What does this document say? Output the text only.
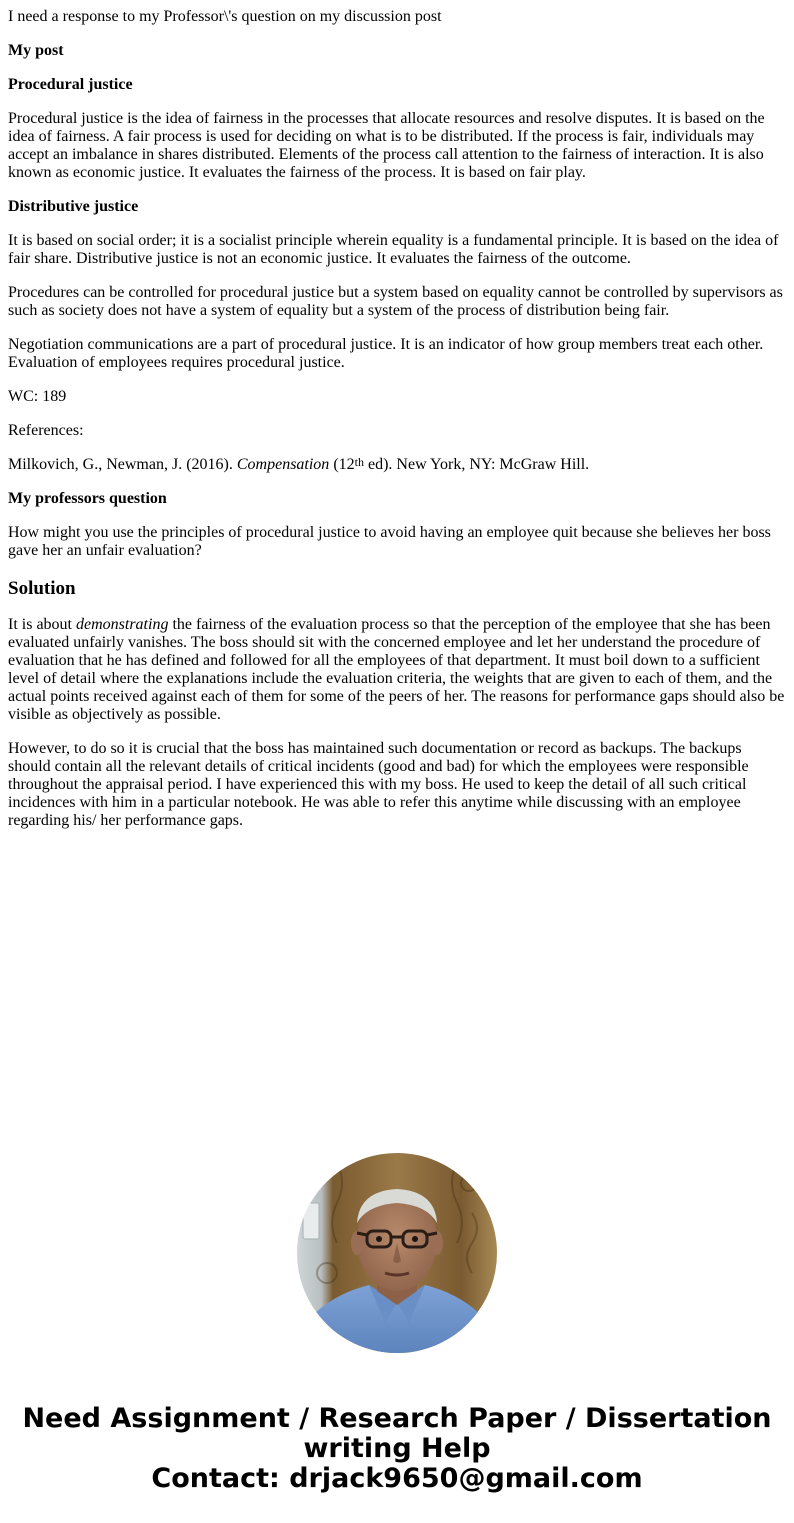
I need a response to my Professor\'s question on my discussion post

My post

Procedural justice

Procedural justice is the idea of fairness in the processes that allocate resources and resolve disputes. It is based on the idea of fairness. A fair process is used for deciding on what is to be distributed. If the process is fair, individuals may accept an imbalance in shares distributed. Elements of the process call attention to the fairness of interaction. It is also known as economic justice. It evaluates the fairness of the process. It is based on fair play.

Distributive justice

It is based on social order; it is a socialist principle wherein equality is a fundamental principle. It is based on the idea of fair share. Distributive justice is not an economic justice. It evaluates the fairness of the outcome.

Procedures can be controlled for procedural justice but a system based on equality cannot be controlled by supervisors as such as society does not have a system of equality but a system of the process of distribution being fair.

Negotiation communications are a part of procedural justice. It is an indicator of how group members treat each other. Evaluation of employees requires procedural justice.

WC: 189

References:

Milkovich, G., Newman, J. (2016). Compensation (12th ed). New York, NY: McGraw Hill.

My professors question

How might you use the principles of procedural justice to avoid having an employee quit because she believes her boss gave her an unfair evaluation?

Solution

It is about demonstrating the fairness of the evaluation process so that the perception of the employee that she has been evaluated unfairly vanishes. The boss should sit with the concerned employee and let her understand the procedure of evaluation that he has defined and followed for all the employees of that department. It must boil down to a sufficient level of detail where the explanations include the evaluation criteria, the weights that are given to each of them, and the actual points received against each of them for some of the peers of her. The reasons for performance gaps should also be visible as objectively as possible.

However, to do so it is crucial that the boss has maintained such documentation or record as backups. The backups should contain all the relevant details of critical incidents (good and bad) for which the employees were responsible throughout the appraisal period. I have experienced this with my boss. He used to keep the detail of all such critical incidences with him in a particular notebook. He was able to refer this anytime while discussing with an employee regarding his/ her performance gaps.

Need Assignment / Research Paper / Dissertation
writing Help
Contact: drjack9650@gmail.com
